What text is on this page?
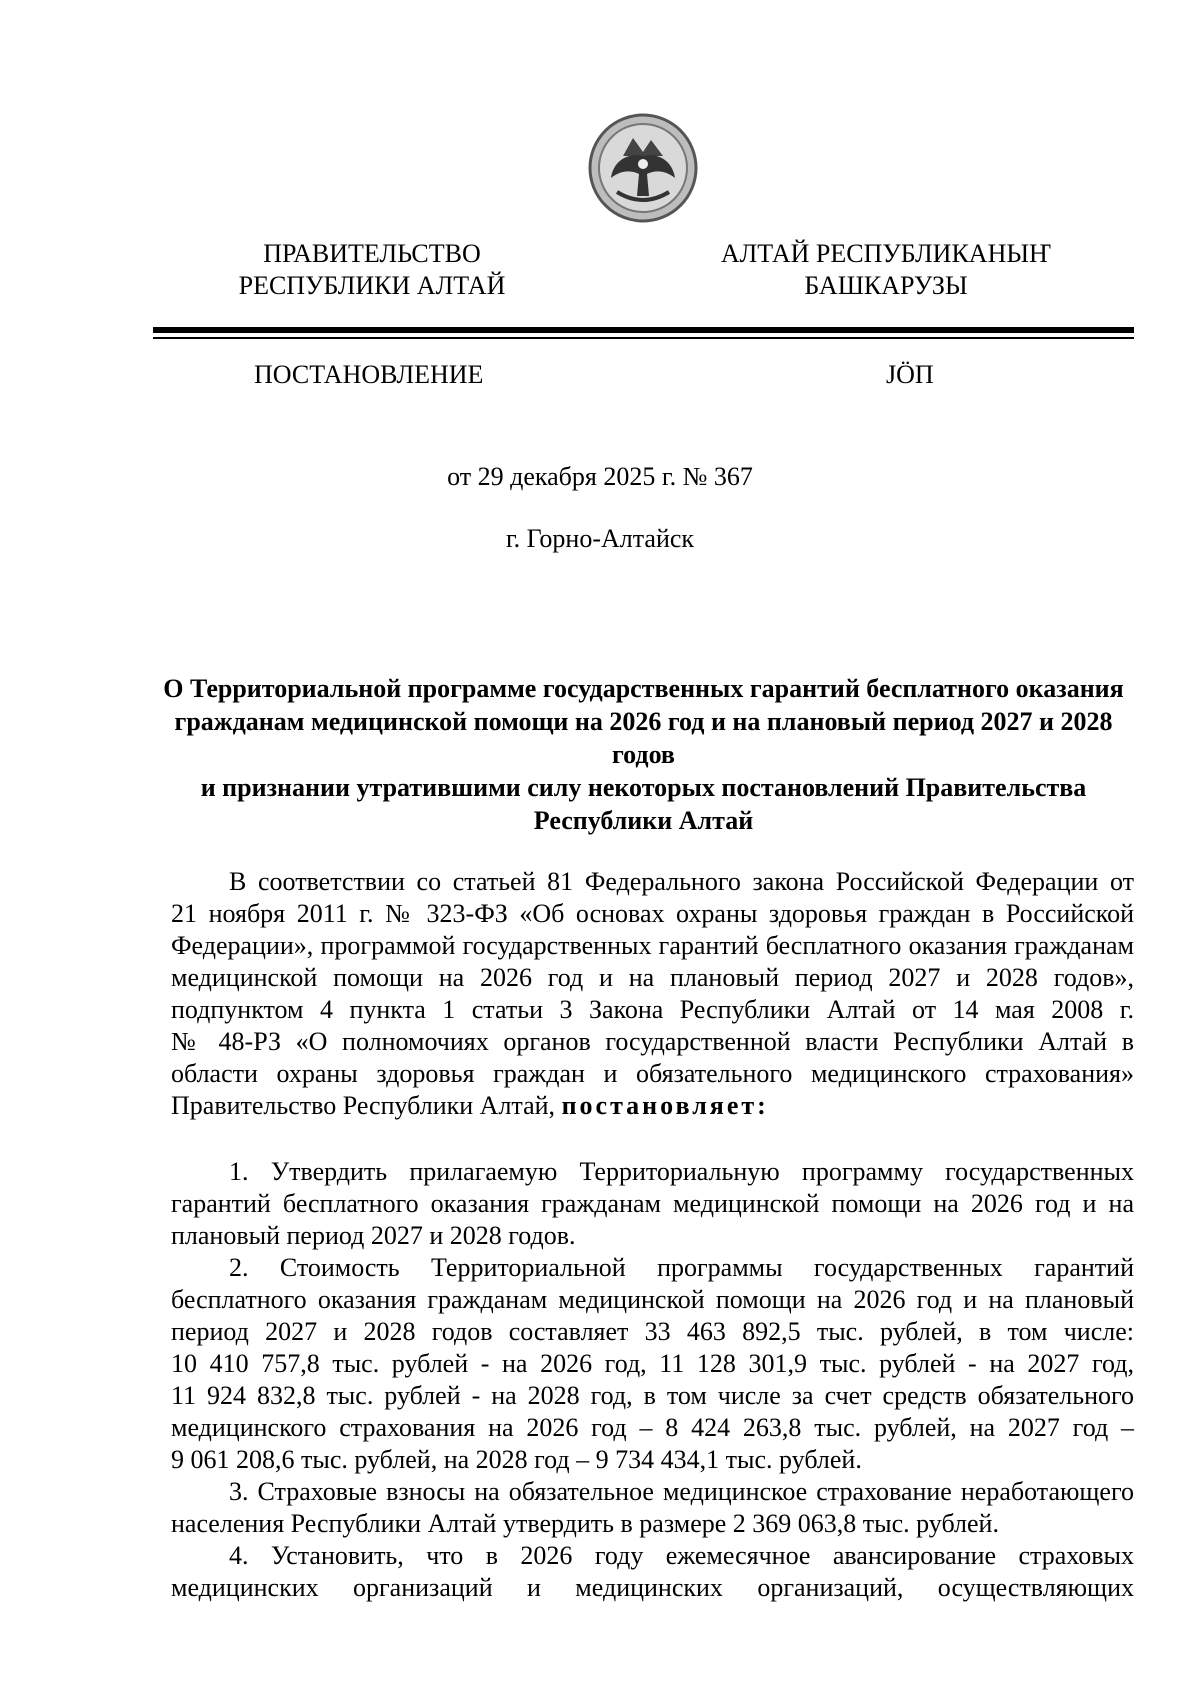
ПРАВИТЕЛЬСТВО
РЕСПУБЛИКИ АЛТАЙ
АЛТАЙ РЕСПУБЛИКАНЫҤ
БАШКАРУЗЫ
ПОСТАНОВЛЕНИЕ	JӦП
от 29 декабря 2025 г. № 367
г. Горно-Алтайск
О Территориальной программе государственных гарантий бесплатного оказания
гражданам медицинской помощи на 2026 год и на плановый период 2027 и 2028 годов
и признании утратившими силу некоторых постановлений Правительства
Республики Алтай
В соответствии со статьей 81 Федерального закона Российской Федерации от
21 ноября 2011 г. № 323-ФЗ «Об основах охраны здоровья граждан в Российской
Федерации», программой государственных гарантий бесплатного оказания гражданам
медицинской помощи на 2026 год и на плановый период 2027 и 2028 годов»,
подпунктом 4 пункта 1 статьи 3 Закона Республики Алтай от 14 мая 2008 г.
№ 48-РЗ «О полномочиях органов государственной власти Республики Алтай в
области охраны здоровья граждан и обязательного медицинского страхования»
Правительство Республики Алтай, постановляет:
1. Утвердить прилагаемую Территориальную программу государственных
гарантий бесплатного оказания гражданам медицинской помощи на 2026 год и на
плановый период 2027 и 2028 годов.
2. Стоимость Территориальной программы государственных гарантий
бесплатного оказания гражданам медицинской помощи на 2026 год и на плановый
период 2027 и 2028 годов составляет 33 463 892,5 тыс. рублей, в том числе:
10 410 757,8 тыс. рублей - на 2026 год, 11 128 301,9 тыс. рублей - на 2027 год,
11 924 832,8 тыс. рублей - на 2028 год, в том числе за счет средств обязательного
медицинского страхования на 2026 год – 8 424 263,8 тыс. рублей, на 2027 год –
9 061 208,6 тыс. рублей, на 2028 год – 9 734 434,1 тыс. рублей.
3. Страховые взносы на обязательное медицинское страхование неработающего
населения Республики Алтай утвердить в размере 2 369 063,8 тыс. рублей.
4. Установить, что в 2026 году ежемесячное авансирование страховых
медицинских организаций и медицинских организаций, осуществляющих
